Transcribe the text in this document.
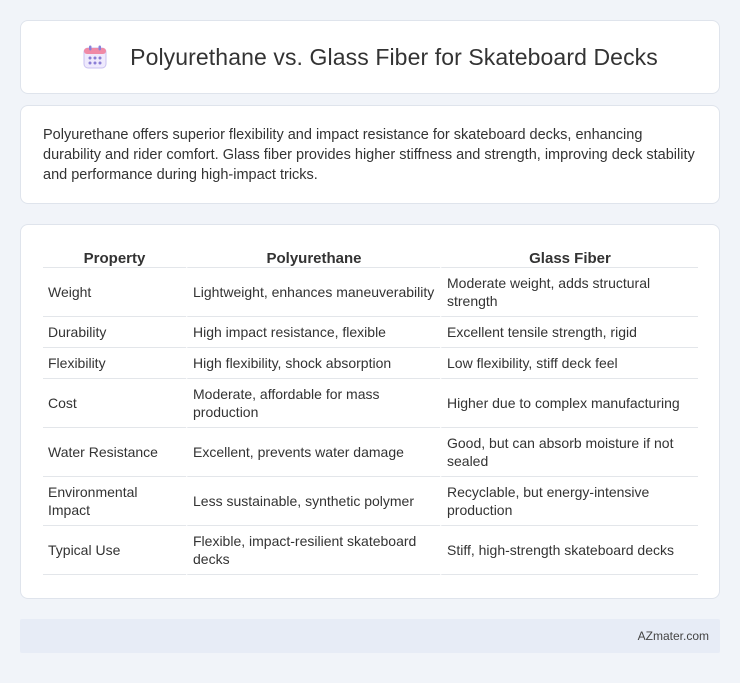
Polyurethane vs. Glass Fiber for Skateboard Decks

Polyurethane offers superior flexibility and impact resistance for skateboard decks, enhancing durability and rider comfort. Glass fiber provides higher stiffness and strength, improving deck stability and performance during high-impact tricks.

Property	Polyurethane	Glass Fiber
Weight	Lightweight, enhances maneuverability	Moderate weight, adds structural strength
Durability	High impact resistance, flexible	Excellent tensile strength, rigid
Flexibility	High flexibility, shock absorption	Low flexibility, stiff deck feel
Cost	Moderate, affordable for mass production	Higher due to complex manufacturing
Water Resistance	Excellent, prevents water damage	Good, but can absorb moisture if not sealed
Environmental Impact	Less sustainable, synthetic polymer	Recyclable, but energy-intensive production
Typical Use	Flexible, impact-resilient skateboard decks	Stiff, high-strength skateboard decks
AZmater.com
